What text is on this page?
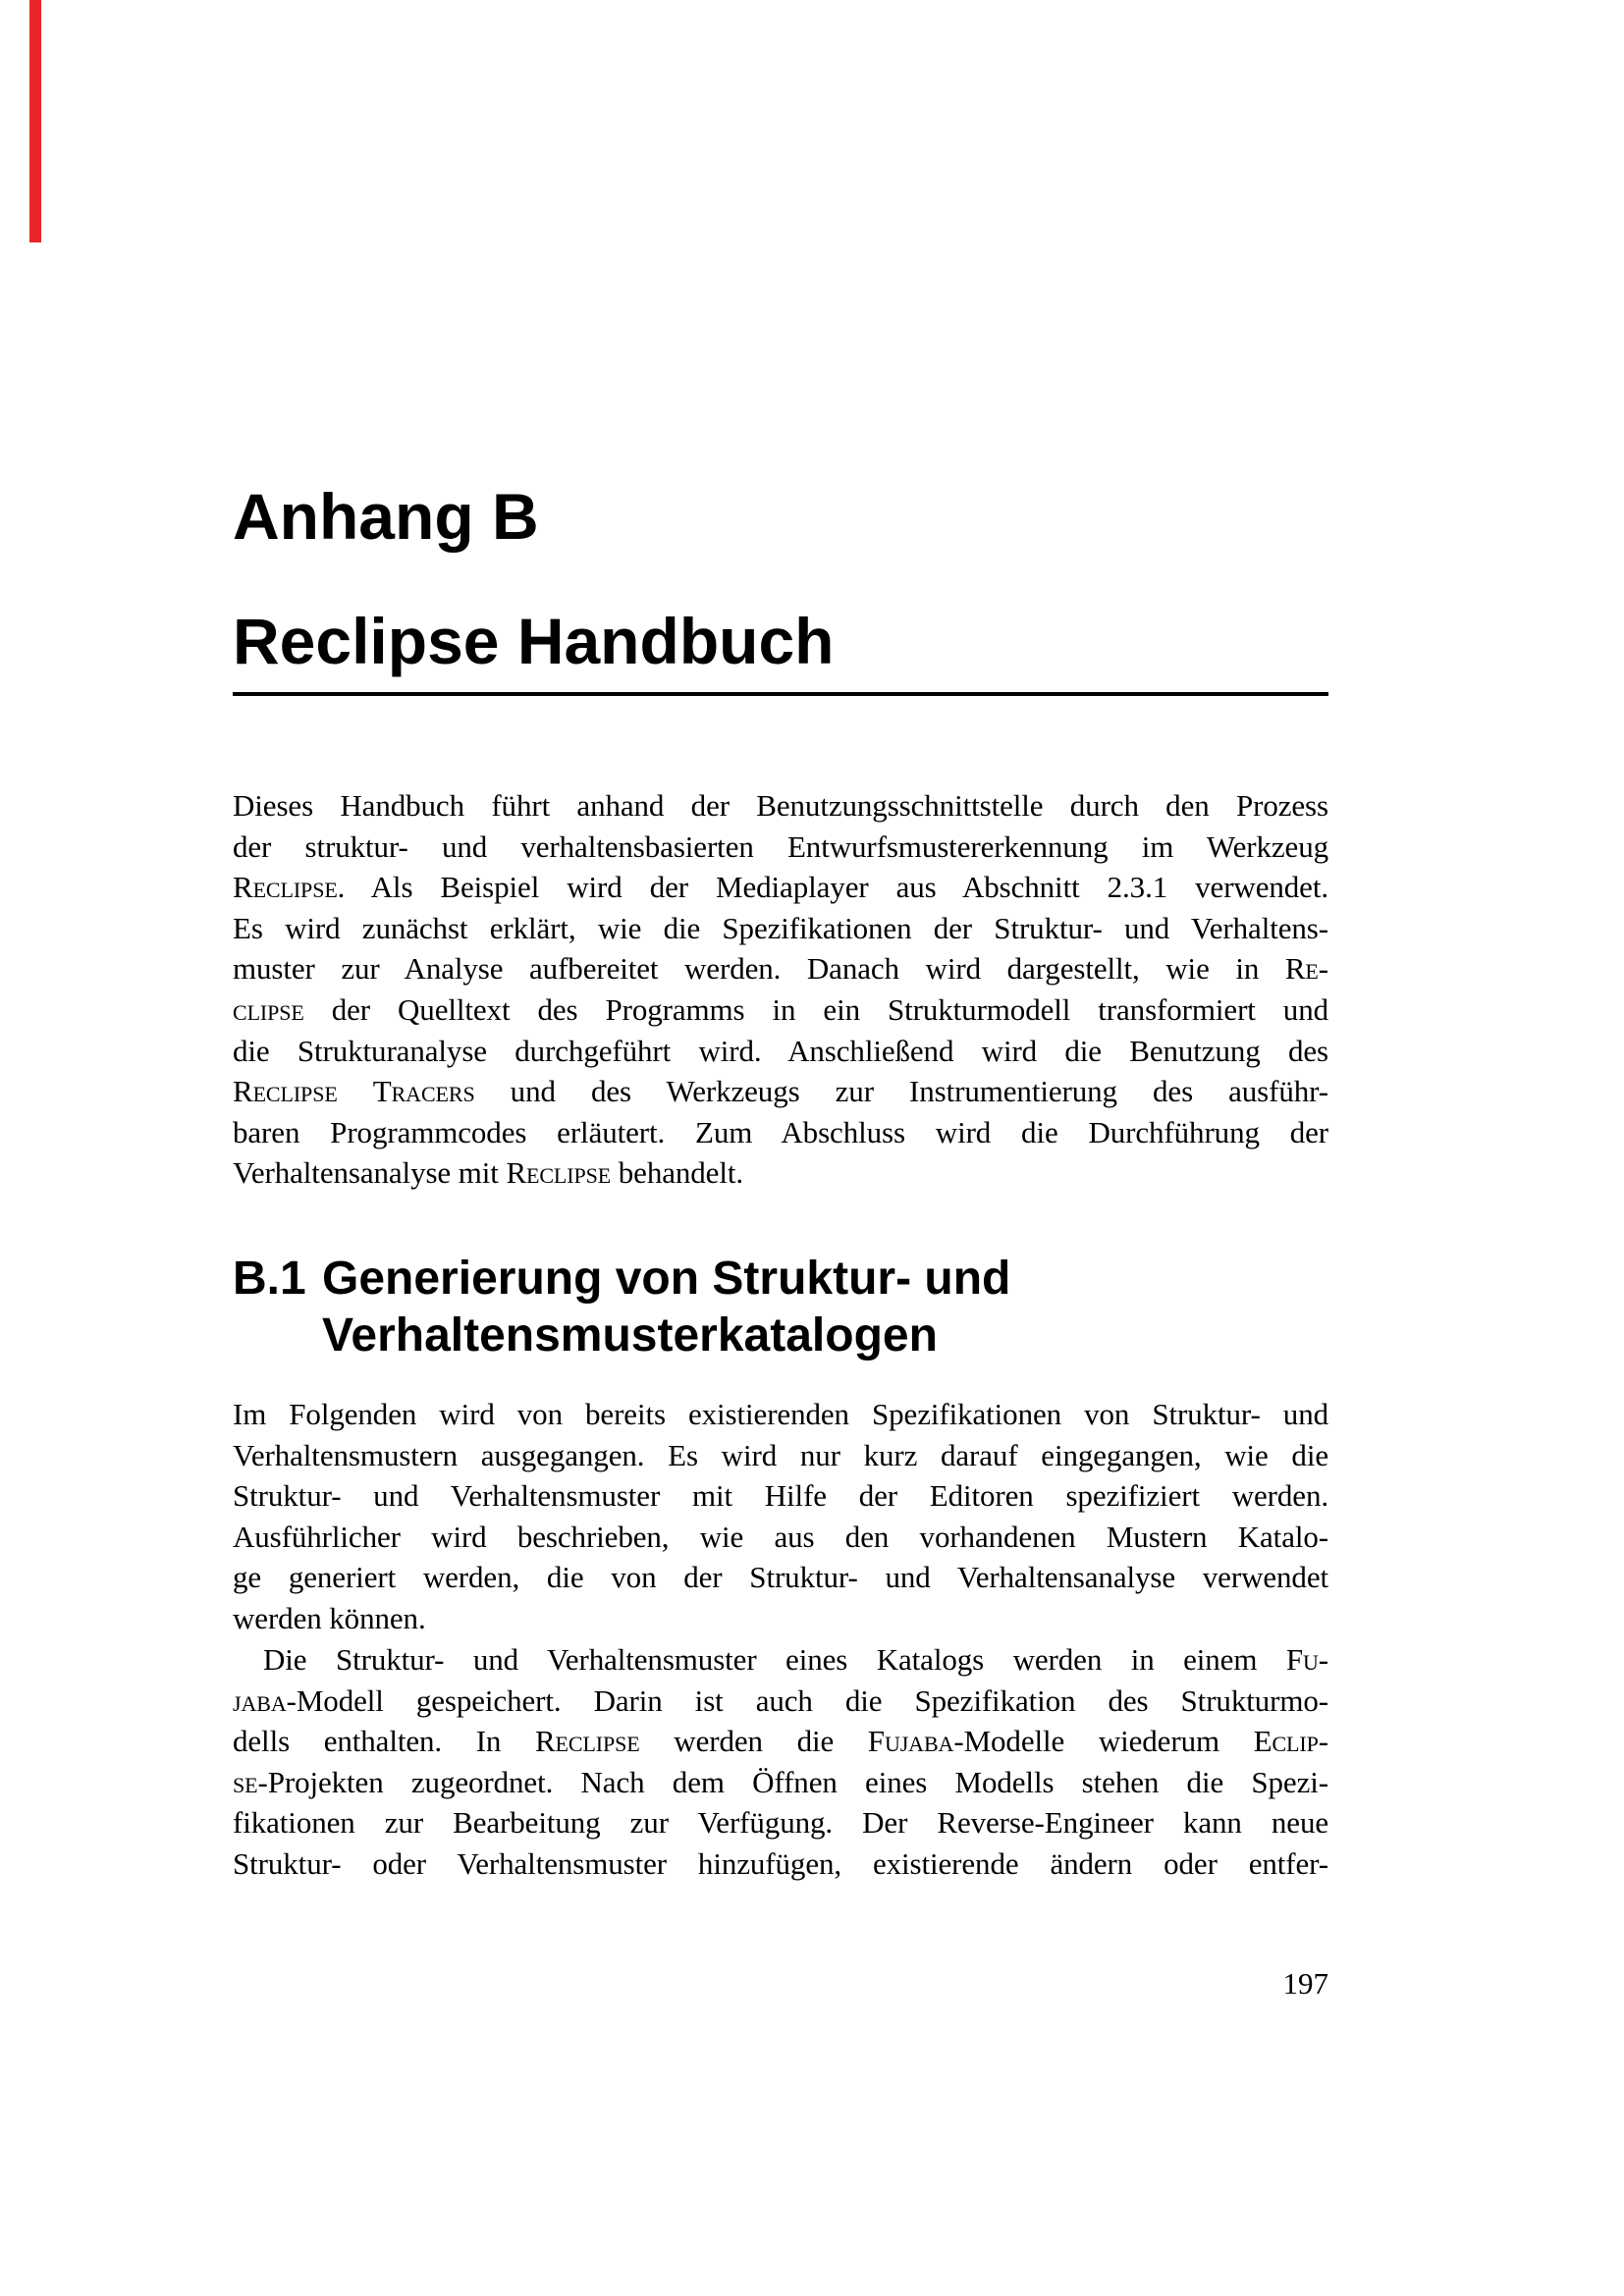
Anhang B
Reclipse Handbuch
Dieses Handbuch führt anhand der Benutzungsschnittstelle durch den Prozess
der struktur- und verhaltensbasierten Entwurfsmustererkennung im Werkzeug
Reclipse. Als Beispiel wird der Mediaplayer aus Abschnitt 2.3.1 verwendet.
Es wird zunächst erklärt, wie die Spezifikationen der Struktur- und Verhaltens-
muster zur Analyse aufbereitet werden. Danach wird dargestellt, wie in Re-
clipse der Quelltext des Programms in ein Strukturmodell transformiert und
die Strukturanalyse durchgeführt wird. Anschließend wird die Benutzung des
Reclipse Tracers und des Werkzeugs zur Instrumentierung des ausführ-
baren Programmcodes erläutert. Zum Abschluss wird die Durchführung der
Verhaltensanalyse mit Reclipse behandelt.
B.1 Generierung von Struktur- und
Verhaltensmusterkatalogen
Im Folgenden wird von bereits existierenden Spezifikationen von Struktur- und
Verhaltensmustern ausgegangen. Es wird nur kurz darauf eingegangen, wie die
Struktur- und Verhaltensmuster mit Hilfe der Editoren spezifiziert werden.
Ausführlicher wird beschrieben, wie aus den vorhandenen Mustern Katalo-
ge generiert werden, die von der Struktur- und Verhaltensanalyse verwendet
werden können.
Die Struktur- und Verhaltensmuster eines Katalogs werden in einem Fu-
jaba-Modell gespeichert. Darin ist auch die Spezifikation des Strukturmo-
dells enthalten. In Reclipse werden die Fujaba-Modelle wiederum Eclip-
se-Projekten zugeordnet. Nach dem Öffnen eines Modells stehen die Spezi-
fikationen zur Bearbeitung zur Verfügung. Der Reverse-Engineer kann neue
Struktur- oder Verhaltensmuster hinzufügen, existierende ändern oder entfer-
197
